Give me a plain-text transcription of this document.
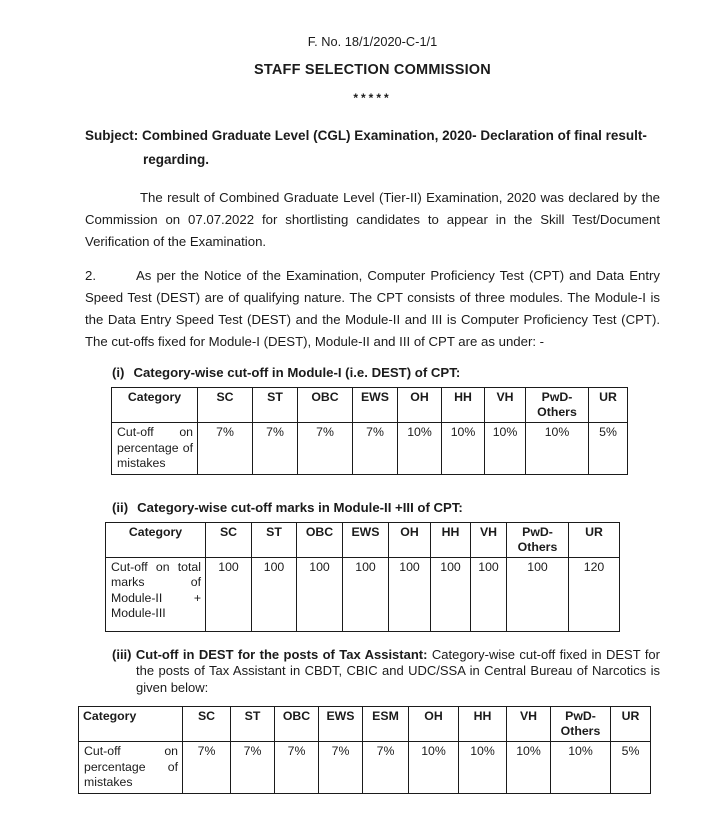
F. No. 18/1/2020-C-1/1
STAFF SELECTION COMMISSION
*****
Subject: Combined Graduate Level (CGL) Examination, 2020- Declaration of final result-
regarding.
The result of Combined Graduate Level (Tier-II) Examination, 2020 was declared by the Commission on 07.07.2022 for shortlisting candidates to appear in the Skill Test/Document Verification of the Examination.
2.	As per the Notice of the Examination, Computer Proficiency Test (CPT) and Data Entry Speed Test (DEST) are of qualifying nature. The CPT consists of three modules. The Module-I is the Data Entry Speed Test (DEST) and the Module-II and III is Computer Proficiency Test (CPT). The cut-offs fixed for Module-I (DEST), Module-II and III of CPT are as under: -
(i) Category-wise cut-off in Module-I (i.e. DEST) of CPT:
Category	SC	ST	OBC	EWS	OH	HH	VH	PwD-Others	UR
Cut-off on percentage of mistakes	7%	7%	7%	7%	10%	10%	10%	10%	5%
(ii) Category-wise cut-off marks in Module-II +III of CPT:
Category	SC	ST	OBC	EWS	OH	HH	VH	PwD-Others	UR
Cut-off on total marks of Module-II + Module-III	100	100	100	100	100	100	100	100	120
(iii) Cut-off in DEST for the posts of Tax Assistant: Category-wise cut-off fixed in DEST for the posts of Tax Assistant in CBDT, CBIC and UDC/SSA in Central Bureau of Narcotics is given below:
Category	SC	ST	OBC	EWS	ESM	OH	HH	VH	PwD-Others	UR
Cut-off on percentage of mistakes	7%	7%	7%	7%	7%	10%	10%	10%	10%	5%
